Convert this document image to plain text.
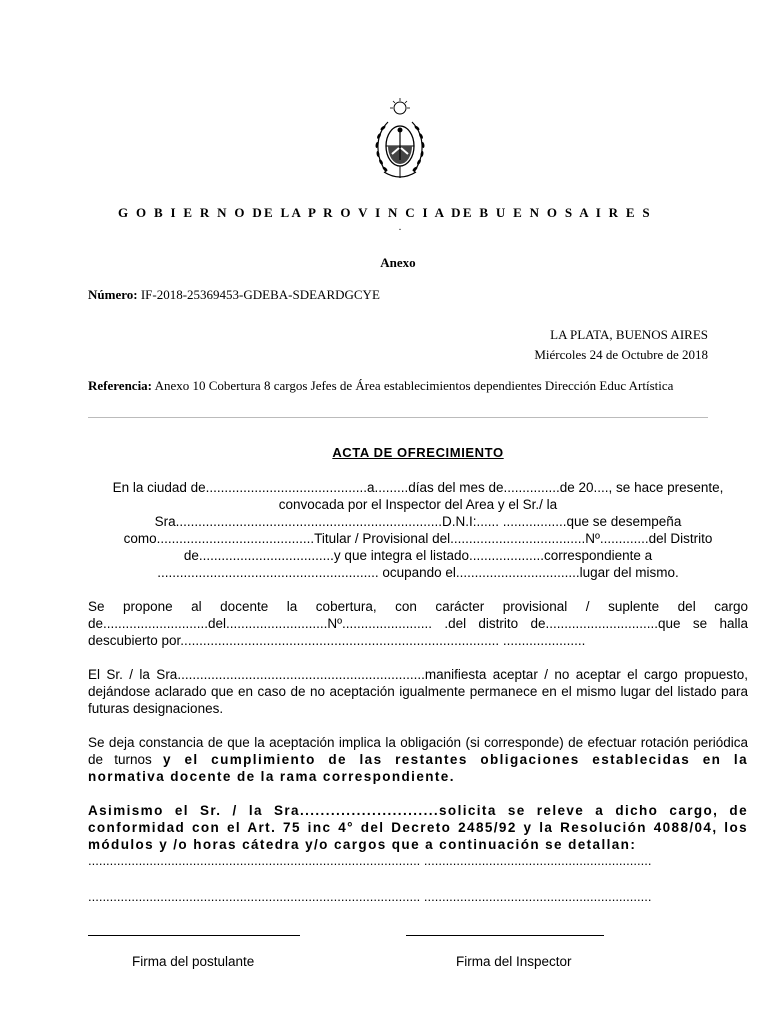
G O B I E R N O DE LA P R O V I N C I A DE B U E N O S A I R E S
.
Anexo
Número: IF-2018-25369453-GDEBA-SDEARDGCYE
LA PLATA, BUENOS AIRES
Miércoles 24 de Octubre de 2018
Referencia: Anexo 10 Cobertura 8 cargos Jefes de Área establecimientos dependientes Dirección Educ Artística
ACTA DE OFRECIMIENTO
En la ciudad de...........................................a.........días del mes de...............de 20...., se hace presente,
convocada por el Inspector del Area y el Sr./ la
Sra.......................................................................D.N.I:...... .................que se desempeña
como..........................................Titular / Provisional del....................................Nº.............del Distrito
de....................................y que integra el listado....................correspondiente a
........................................................... ocupando el.................................lugar del mismo.
Se propone al docente la cobertura, con carácter provisional / suplente del cargo de............................del...........................Nº........................ .del distrito de..............................que se halla descubierto por..................................................................................... ......................
El Sr. / la Sra..................................................................manifiesta aceptar / no aceptar el cargo propuesto, dejándose aclarado que en caso de no aceptación igualmente permanece en el mismo lugar del listado para futuras designaciones.
Se deja constancia de que la aceptación implica la obligación (si corresponde) de efectuar rotación periódica de turnos y el cumplimiento de las restantes obligaciones establecidas en la normativa docente de la rama correspondiente.
Asimismo el Sr. / la Sra...........................solicita se releve a dicho cargo, de conformidad con el Art. 75 inc 4° del Decreto 2485/92 y la Resolución 4088/04, los módulos y /o horas cátedra y/o cargos que a continuación se detallan:
............................................................................................ ...............................................................
............................................................................................ ...............................................................
Firma del postulante	Firma del Inspector
